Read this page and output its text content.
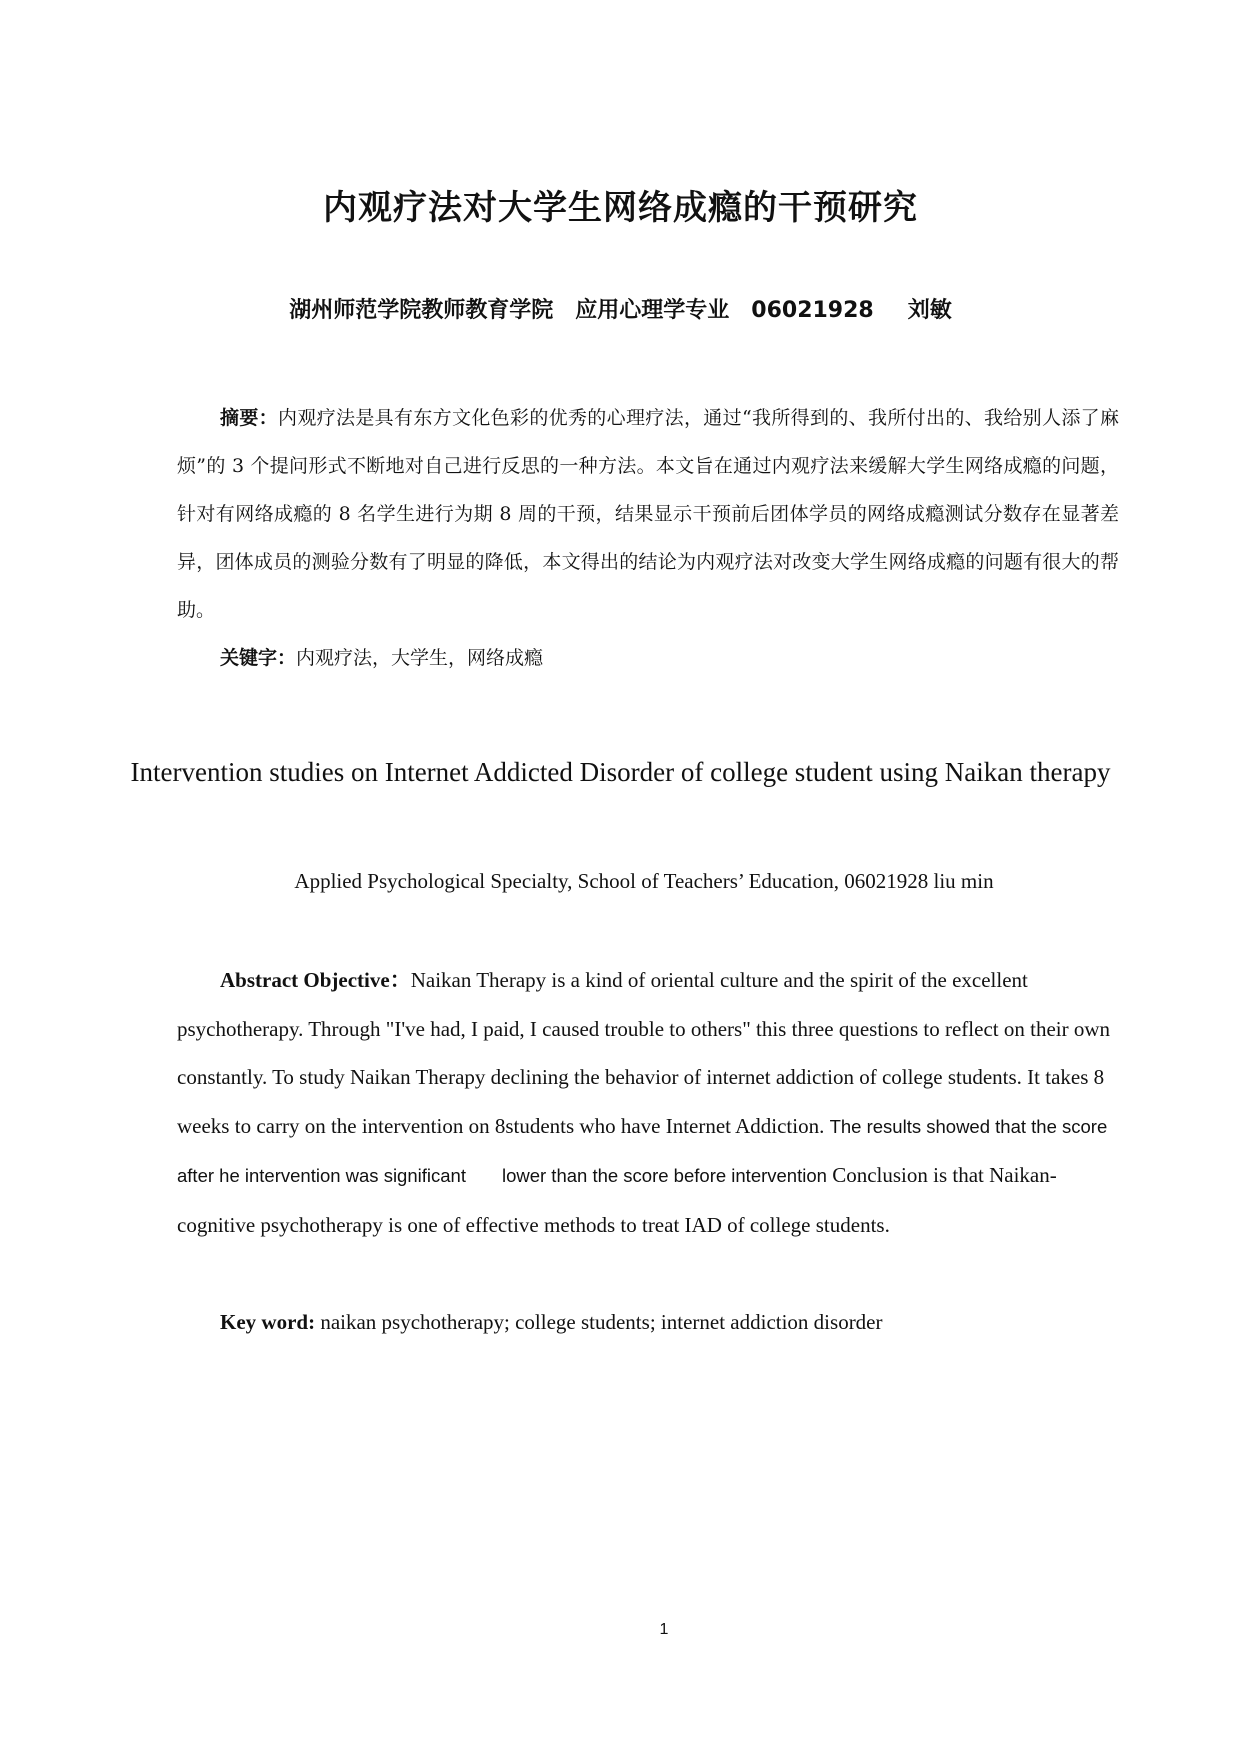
内观疗法对大学生网络成瘾的干预研究
湖州师范学院教师教育学院 应用心理学专业 06021928 刘敏
摘要：内观疗法是具有东方文化色彩的优秀的心理疗法，通过“我所得到的、我所付出的、我给别人添了麻烦”的 3 个提问形式不断地对自己进行反思的一种方法。本文旨在通过内观疗法来缓解大学生网络成瘾的问题，针对有网络成瘾的 8 名学生进行为期 8 周的干预，结果显示干预前后团体学员的网络成瘾测试分数存在显著差异，团体成员的测验分数有了明显的降低，本文得出的结论为内观疗法对改变大学生网络成瘾的问题有很大的帮助。
关键字：内观疗法，大学生，网络成瘾
Intervention studies on Internet Addicted Disorder of college student using Naikan therapy
Applied Psychological Specialty, School of Teachers’ Education, 06021928 liu min
Abstract Objective：Naikan Therapy is a kind of oriental culture and the spirit of the excellent psychotherapy. Through "I've had, I paid, I caused trouble to others" this three questions to reflect on their own constantly. To study Naikan Therapy declining the behavior of internet addiction of college students. It takes 8 weeks to carry on the intervention on 8students who have Internet Addiction. The results showed that the score after he intervention was significant lower than the score before intervention Conclusion is that Naikan- cognitive psychotherapy is one of effective methods to treat IAD of college students.
Key word: naikan psychotherapy; college students; internet addiction disorder
1
